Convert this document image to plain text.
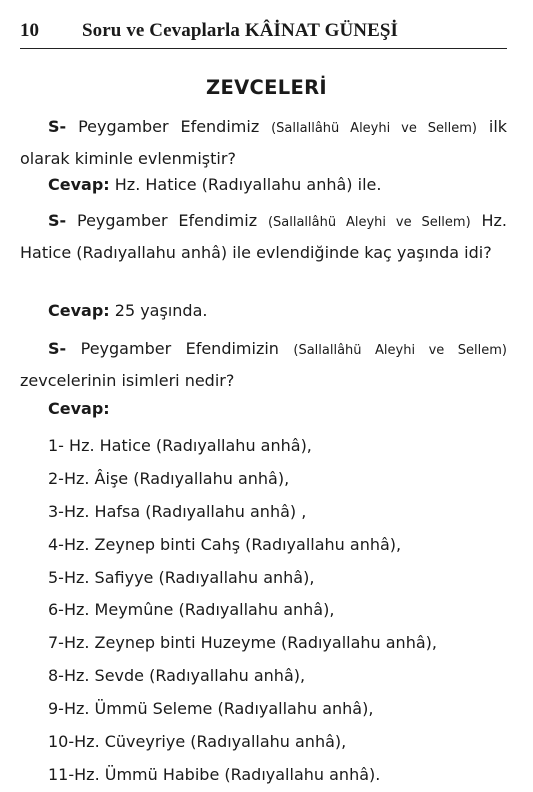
10 Soru ve Cevaplarla KÂİNAT GÜNEŞİ
ZEVCELERİ
S- Peygamber Efendimiz (Sallallâhü Aleyhi ve Sellem) ilk olarak kiminle evlenmiştir?
Cevap: Hz. Hatice (Radıyallahu anhâ) ile.
S- Peygamber Efendimiz (Sallallâhü Aleyhi ve Sellem) Hz. Hatice (Radıyallahu anhâ) ile evlendiğinde kaç yaşında idi?
Cevap: 25 yaşında.
S- Peygamber Efendimizin (Sallallâhü Aleyhi ve Sellem) zevcelerinin isimleri nedir?
Cevap:
1- Hz. Hatice (Radıyallahu anhâ),
2-Hz. Âişe (Radıyallahu anhâ),
3-Hz. Hafsa (Radıyallahu anhâ) ,
4-Hz. Zeynep binti Cahş (Radıyallahu anhâ),
5-Hz. Safiyye (Radıyallahu anhâ),
6-Hz. Meymûne (Radıyallahu anhâ),
7-Hz. Zeynep binti Huzeyme (Radıyallahu anhâ),
8-Hz. Sevde (Radıyallahu anhâ),
9-Hz. Ümmü Seleme (Radıyallahu anhâ),
10-Hz. Cüveyriye (Radıyallahu anhâ),
11-Hz. Ümmü Habibe (Radıyallahu anhâ).
